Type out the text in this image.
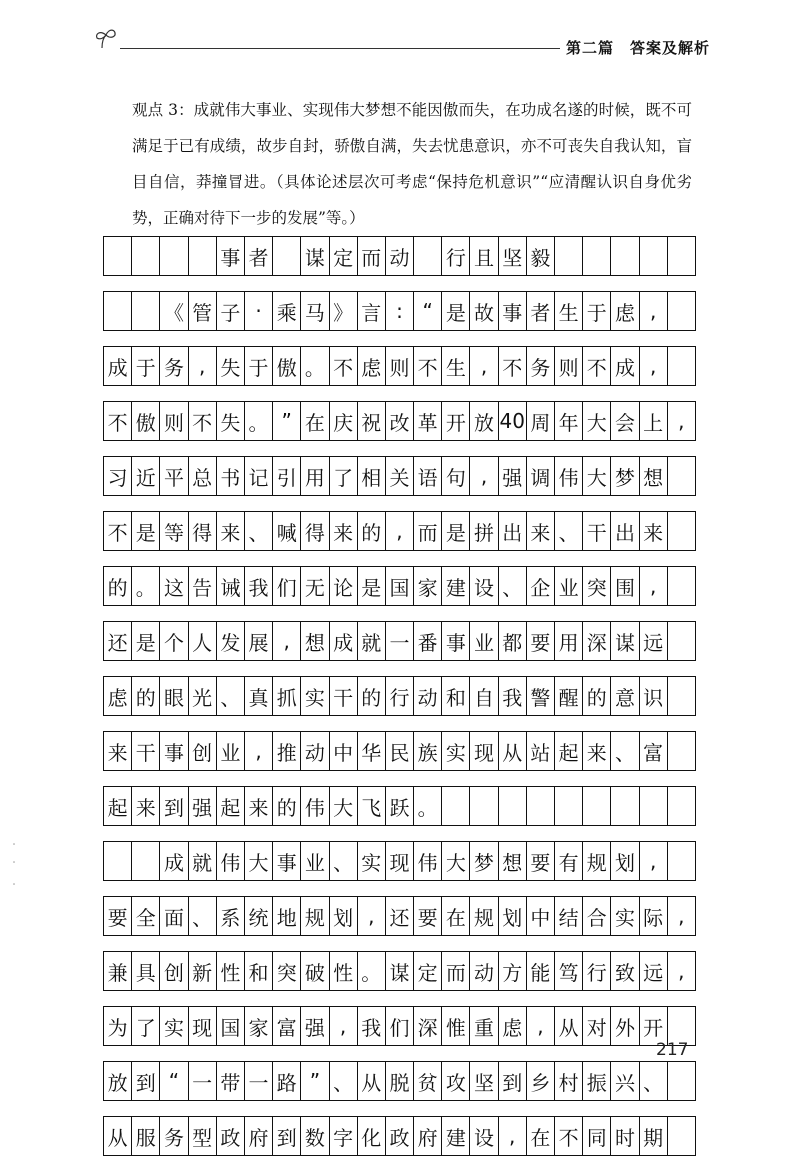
第二篇　答案及解析

观点 3：成就伟大事业、实现伟大梦想不能因傲而失，在功成名遂的时候，既不可满足于已有成绩，故步自封，骄傲自满，失去忧患意识，亦不可丧失自我认知，盲目自信，莽撞冒进。（具体论述层次可考虑“保持危机意识”“应清醒认识自身优劣势，正确对待下一步的发展”等。）

事 者 谋 定 而 动 行 且 坚 毅
《 管 子 · 乘 马 》 言 : “ 是 故 事 者 生 于 虑 ,
成 于 务 , 失 于 傲 。 不 虑 则 不 生 , 不 务 则 不 成 ,
不 傲 则 不 失 。 ” 在 庆 祝 改 革 开 放 40 周 年 大 会 上 ,
习 近 平 总 书 记 引 用 了 相 关 语 句 , 强 调 伟 大 梦 想
不 是 等 得 来 、 喊 得 来 的 , 而 是 拼 出 来 、 干 出 来
的 。 这 告 诫 我 们 无 论 是 国 家 建 设 、 企 业 突 围 ,
还 是 个 人 发 展 , 想 成 就 一 番 事 业 都 要 用 深 谋 远
虑 的 眼 光 、 真 抓 实 干 的 行 动 和 自 我 警 醒 的 意 识
来 干 事 创 业 , 推 动 中 华 民 族 实 现 从 站 起 来 、 富
起 来 到 强 起 来 的 伟 大 飞 跃 。
成 就 伟 大 事 业 、 实 现 伟 大 梦 想 要 有 规 划 ,
要 全 面 、 系 统 地 规 划 , 还 要 在 规 划 中 结 合 实 际 ,
兼 具 创 新 性 和 突 破 性 。 谋 定 而 动 方 能 笃 行 致 远 ,
为 了 实 现 国 家 富 强 , 我 们 深 惟 重 虑 , 从 对 外 开
放 到 “ 一 带 一 路 ” 、 从 脱 贫 攻 坚 到 乡 村 振 兴 、
从 服 务 型 政 府 到 数 字 化 政 府 建 设 , 在 不 同 时 期
217
